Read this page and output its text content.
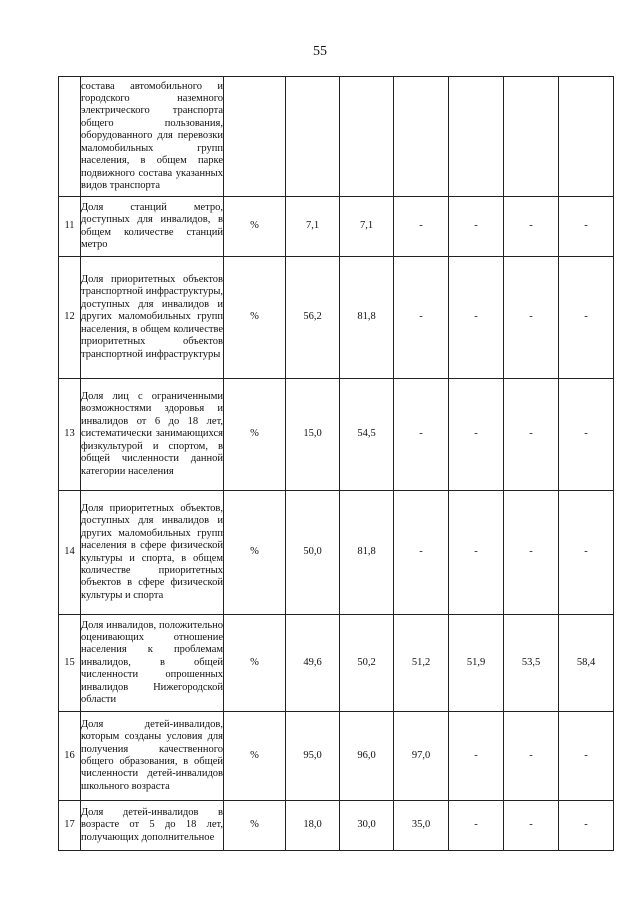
55
	состава автомобильного и городского наземного электрического транспорта общего пользования, оборудованного для перевозки маломобильных групп населения, в общем парке подвижного состава указанных видов транспорта							
11	Доля станций метро, доступных для инвалидов, в общем количестве станций метро	%	7,1	7,1	-	-	-	-
12	Доля приоритетных объектов транспортной инфраструктуры, доступных для инвалидов и других маломобильных групп населения, в общем количестве приоритетных объектов транспортной инфраструктуры	%	56,2	81,8	-	-	-	-
13	Доля лиц с ограниченными возможностями здоровья и инвалидов от 6 до 18 лет, систематически занимающихся физкультурой и спортом, в общей численности данной категории населения	%	15,0	54,5	-	-	-	-
14	Доля приоритетных объектов, доступных для инвалидов и других маломобильных групп населения в сфере физической культуры и спорта, в общем количестве приоритетных объектов в сфере физической культуры и спорта	%	50,0	81,8	-	-	-	-
15	Доля инвалидов, положительно оценивающих отношение населения к проблемам инвалидов, в общей численности опрошенных инвалидов Нижегородской области	%	49,6	50,2	51,2	51,9	53,5	58,4
16	Доля детей-инвалидов, которым созданы условия для получения качественного общего образования, в общей численности детей-инвалидов школьного возраста	%	95,0	96,0	97,0	-	-	-
17	Доля детей-инвалидов в возрасте от 5 до 18 лет, получающих дополнительное	%	18,0	30,0	35,0	-	-	-
